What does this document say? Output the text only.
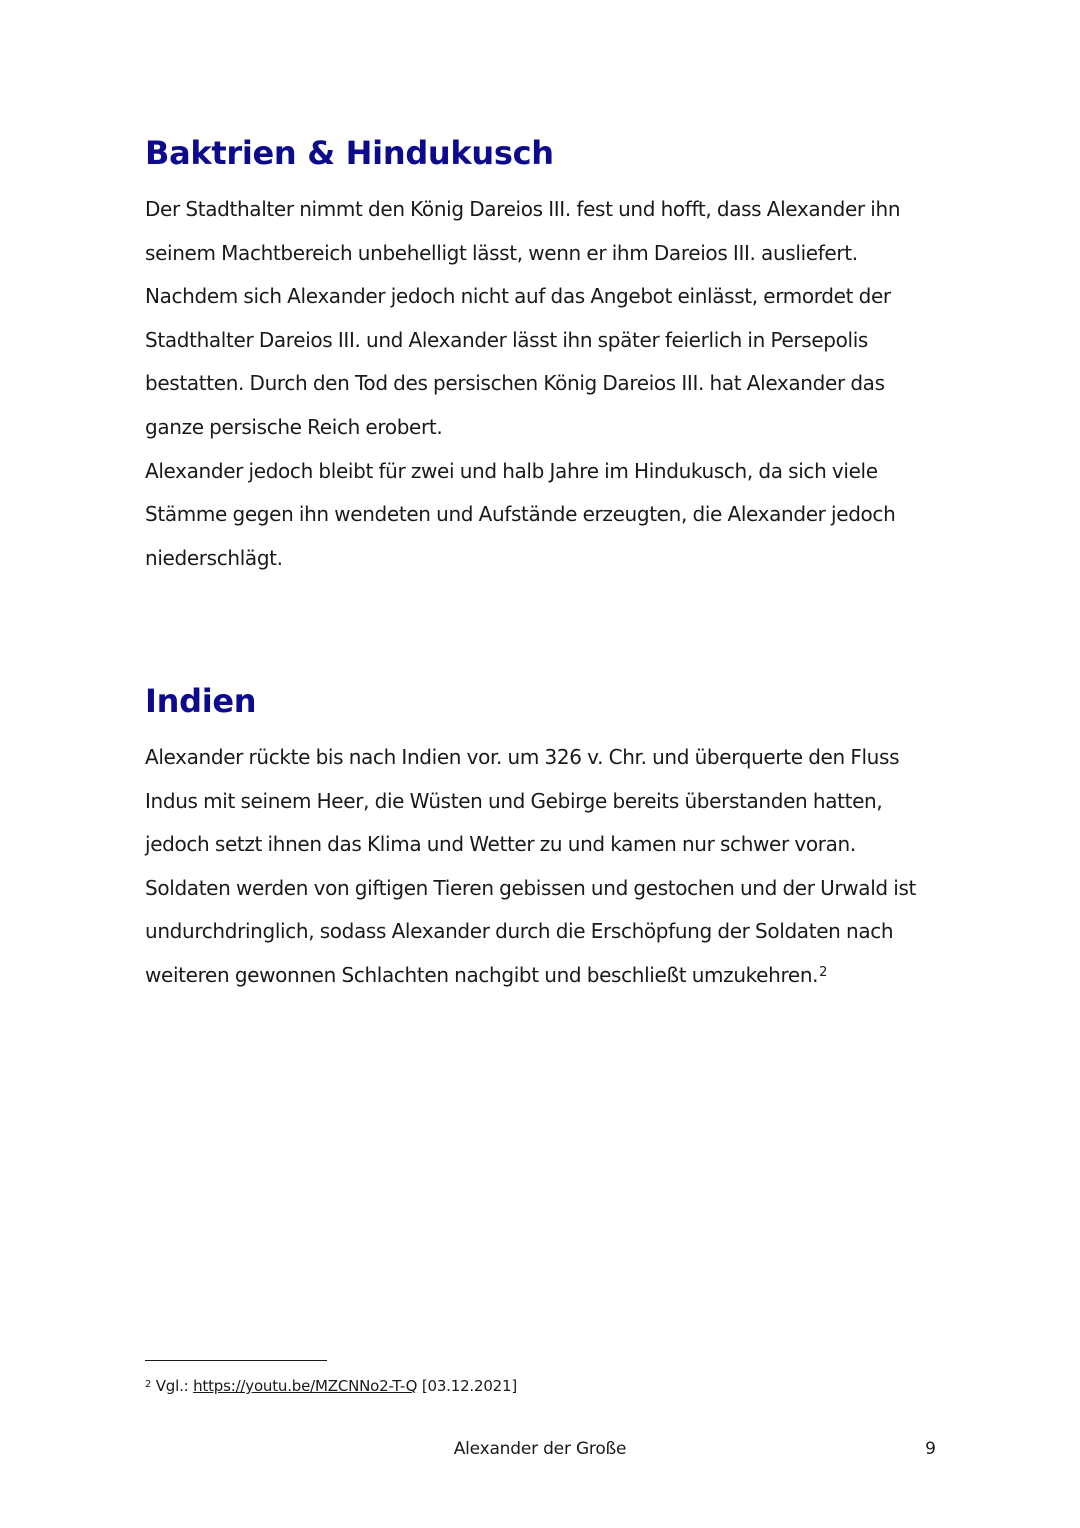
Baktrien & Hindukusch

Der Stadthalter nimmt den König Dareios III. fest und hofft, dass Alexander ihn seinem Machtbereich unbehelligt lässt, wenn er ihm Dareios III. ausliefert. Nachdem sich Alexander jedoch nicht auf das Angebot einlässt, ermordet der Stadthalter Dareios III. und Alexander lässt ihn später feierlich in Persepolis bestatten. Durch den Tod des persischen König Dareios III. hat Alexander das ganze persische Reich erobert.

Alexander jedoch bleibt für zwei und halb Jahre im Hindukusch, da sich viele Stämme gegen ihn wendeten und Aufstände erzeugten, die Alexander jedoch niederschlägt.

Indien

Alexander rückte bis nach Indien vor. um 326 v. Chr. und überquerte den Fluss Indus mit seinem Heer, die Wüsten und Gebirge bereits überstanden hatten, jedoch setzt ihnen das Klima und Wetter zu und kamen nur schwer voran. Soldaten werden von giftigen Tieren gebissen und gestochen und der Urwald ist undurchdringlich, sodass Alexander durch die Erschöpfung der Soldaten nach weiteren gewonnen Schlachten nachgibt und beschließt umzukehren.$^2$

$^2$ Vgl.: https://youtu.be/MZCNNo2-T-Q [03.12.2021]
Alexander der Große	9
